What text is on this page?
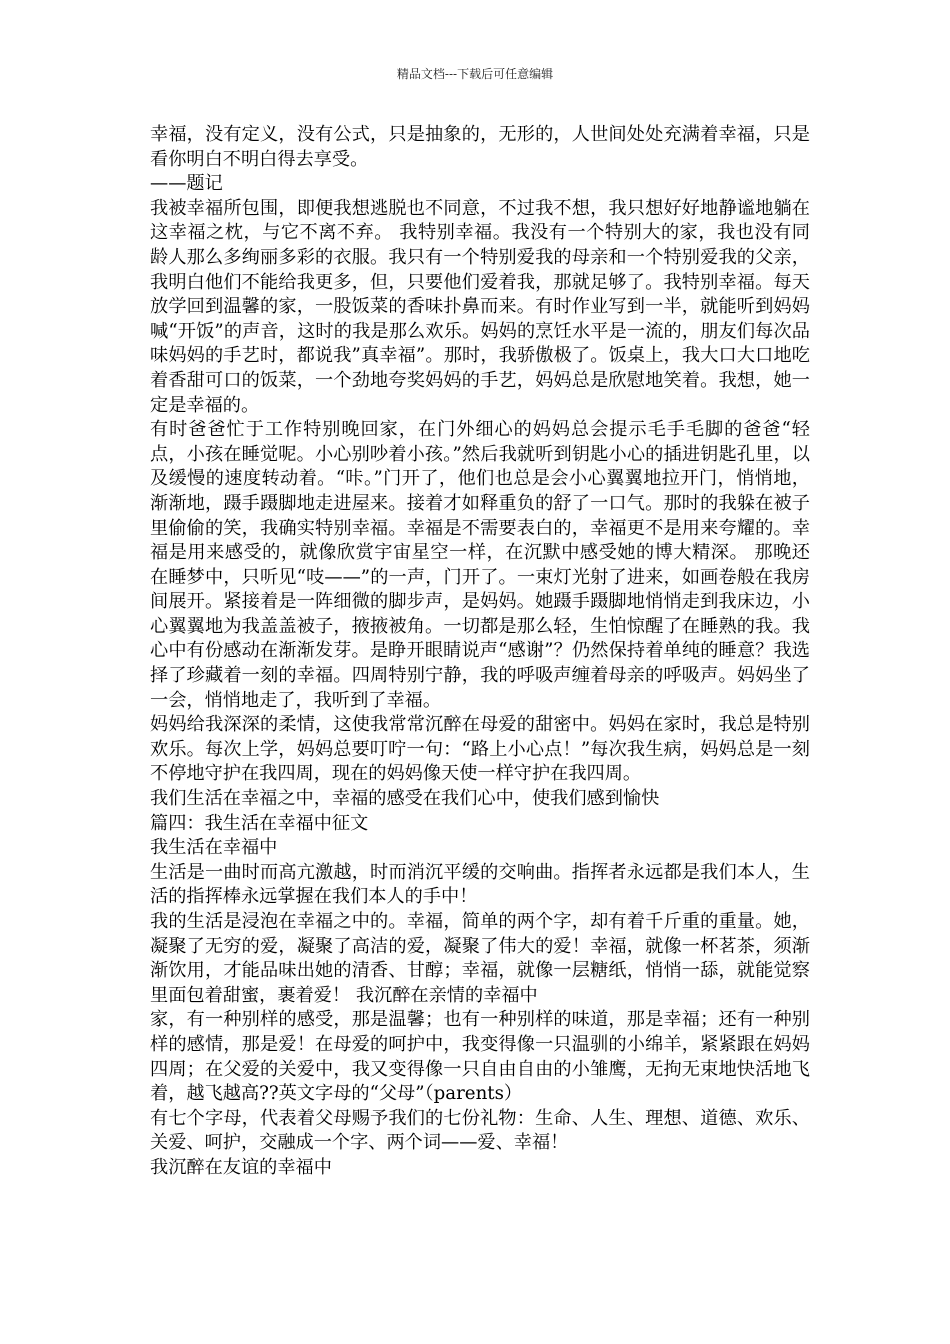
精品文档---下载后可任意编辑

幸福，没有定义，没有公式，只是抽象的，无形的，人世间处处充满着幸福，只是看你明白不明白得去享受。

——题记

我被幸福所包围，即便我想逃脱也不同意，不过我不想，我只想好好地静谧地躺在这幸福之枕，与它不离不弃。 我特别幸福。我没有一个特别大的家，我也没有同龄人那么多绚丽多彩的衣服。我只有一个特别爱我的母亲和一个特别爱我的父亲，我明白他们不能给我更多，但，只要他们爱着我，那就足够了。我特别幸福。每天放学回到温馨的家，一股饭菜的香味扑鼻而来。有时作业写到一半，就能听到妈妈喊“开饭”的声音，这时的我是那么欢乐。妈妈的烹饪水平是一流的，朋友们每次品味妈妈的手艺时，都说我”真幸福”。那时，我骄傲极了。饭桌上，我大口大口地吃着香甜可口的饭菜，一个劲地夸奖妈妈的手艺，妈妈总是欣慰地笑着。我想，她一定是幸福的。

有时爸爸忙于工作特别晚回家，在门外细心的妈妈总会提示毛手毛脚的爸爸“轻点，小孩在睡觉呢。小心别吵着小孩。”然后我就听到钥匙小心的插进钥匙孔里，以及缓慢的速度转动着。“咔。”门开了，他们也总是会小心翼翼地拉开门，悄悄地，渐渐地，蹑手蹑脚地走进屋来。接着才如释重负的舒了一口气。那时的我躲在被子里偷偷的笑，我确实特别幸福。幸福是不需要表白的，幸福更不是用来夸耀的。幸福是用来感受的，就像欣赏宇宙星空一样，在沉默中感受她的博大精深。 那晚还在睡梦中，只听见“吱——”的一声，门开了。一束灯光射了进来，如画卷般在我房间展开。紧接着是一阵细微的脚步声，是妈妈。她蹑手蹑脚地悄悄走到我床边，小心翼翼地为我盖盖被子，掖掖被角。一切都是那么轻，生怕惊醒了在睡熟的我。我心中有份感动在渐渐发芽。是睁开眼睛说声“感谢”？仍然保持着单纯的睡意？我选择了珍藏着一刻的幸福。四周特别宁静，我的呼吸声缠着母亲的呼吸声。妈妈坐了一会，悄悄地走了，我听到了幸福。

妈妈给我深深的柔情，这使我常常沉醉在母爱的甜密中。妈妈在家时，我总是特别欢乐。每次上学，妈妈总要叮咛一句：“路上小心点！”每次我生病，妈妈总是一刻不停地守护在我四周，现在的妈妈像天使一样守护在我四周。

我们生活在幸福之中，幸福的感受在我们心中，使我们感到愉快

篇四：我生活在幸福中征文

我生活在幸福中

生活是一曲时而高亢激越，时而消沉平缓的交响曲。指挥者永远都是我们本人，生活的指挥棒永远掌握在我们本人的手中！

我的生活是浸泡在幸福之中的。幸福，简单的两个字，却有着千斤重的重量。她，凝聚了无穷的爱，凝聚了高洁的爱，凝聚了伟大的爱！幸福，就像一杯茗茶，须渐渐饮用，才能品味出她的清香、甘醇；幸福，就像一层糖纸，悄悄一舔，就能觉察里面包着甜蜜，裹着爱！ 我沉醉在亲情的幸福中

家，有一种别样的感受，那是温馨；也有一种别样的味道，那是幸福；还有一种别样的感情，那是爱！在母爱的呵护中，我变得像一只温驯的小绵羊，紧紧跟在妈妈四周；在父爱的关爱中，我又变得像一只自由自由的小雏鹰，无拘无束地快活地飞着，越飞越高??英文字母的“父母”（parents）

有七个字母，代表着父母赐予我们的七份礼物：生命、人生、理想、道德、欢乐、关爱、呵护，交融成一个字、两个词——爱、幸福！

我沉醉在友谊的幸福中
